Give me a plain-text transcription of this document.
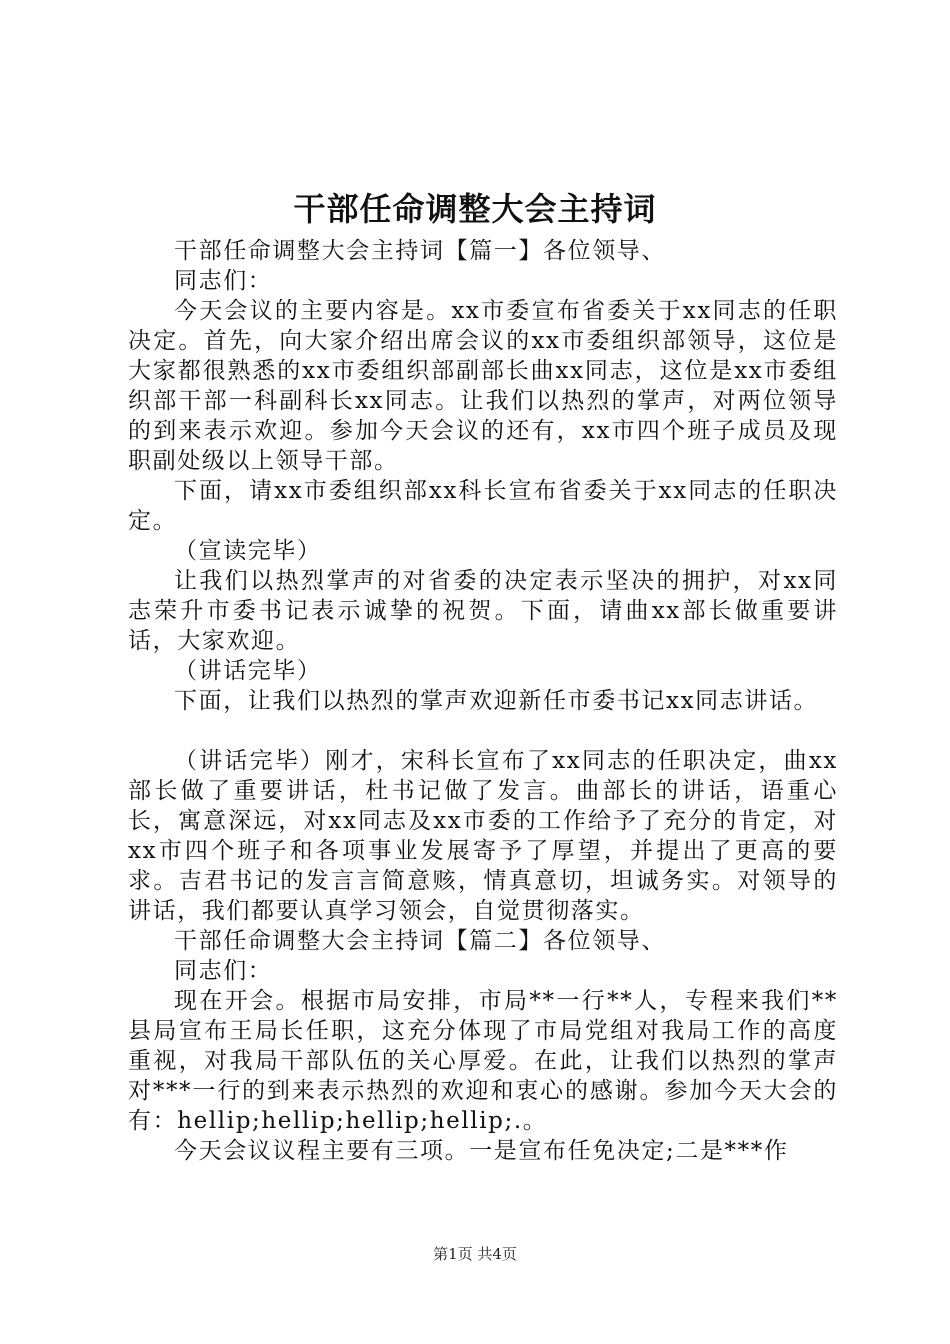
干部任命调整大会主持词

干部任命调整大会主持词【篇一】各位领导、

同志们：

今天会议的主要内容是。xx市委宣布省委关于xx同志的任职决定。首先，向大家介绍出席会议的xx市委组织部领导，这位是大家都很熟悉的xx市委组织部副部长曲xx同志，这位是xx市委组织部干部一科副科长xx同志。让我们以热烈的掌声，对两位领导的到来表示欢迎。参加今天会议的还有，xx市四个班子成员及现职副处级以上领导干部。

下面，请xx市委组织部xx科长宣布省委关于xx同志的任职决定。

（宣读完毕）

让我们以热烈掌声的对省委的决定表示坚决的拥护，对xx同志荣升市委书记表示诚挚的祝贺。下面，请曲xx部长做重要讲话，大家欢迎。

（讲话完毕）

下面，让我们以热烈的掌声欢迎新任市委书记xx同志讲话。

（讲话完毕）刚才，宋科长宣布了xx同志的任职决定，曲xx部长做了重要讲话，杜书记做了发言。曲部长的讲话，语重心长，寓意深远，对xx同志及xx市委的工作给予了充分的肯定，对xx市四个班子和各项事业发展寄予了厚望，并提出了更高的要求。吉君书记的发言言简意赅，情真意切，坦诚务实。对领导的讲话，我们都要认真学习领会，自觉贯彻落实。

干部任命调整大会主持词【篇二】各位领导、

同志们：

现在开会。根据市局安排，市局**一行**人，专程来我们**县局宣布王局长任职，这充分体现了市局党组对我局工作的高度重视，对我局干部队伍的关心厚爱。在此，让我们以热烈的掌声对***一行的到来表示热烈的欢迎和衷心的感谢。参加今天大会的有：hellip;hellip;hellip;hellip;.。

今天会议议程主要有三项。一是宣布任免决定;二是***作

第1页 共4页
